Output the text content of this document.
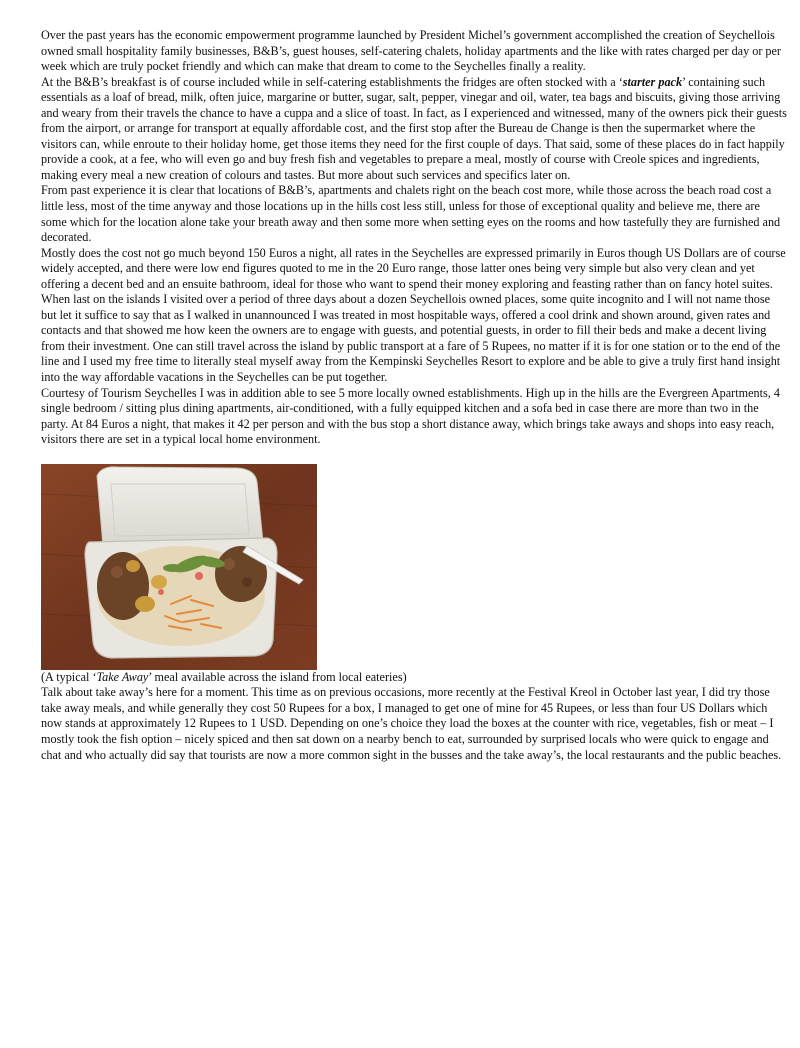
Over the past years has the economic empowerment programme launched by President Michel’s government accomplished the creation of Seychellois owned small hospitality family businesses, B&B’s, guest houses, self-catering chalets, holiday apartments and the like with rates charged per day or per week which are truly pocket friendly and which can make that dream to come to the Seychelles finally a reality.

At the B&B’s breakfast is of course included while in self-catering establishments the fridges are often stocked with a ‘starter pack’ containing such essentials as a loaf of bread, milk, often juice, margarine or butter, sugar, salt, pepper, vinegar and oil, water, tea bags and biscuits, giving those arriving and weary from their travels the chance to have a cuppa and a slice of toast. In fact, as I experienced and witnessed, many of the owners pick their guests from the airport, or arrange for transport at equally affordable cost, and the first stop after the Bureau de Change is then the supermarket where the visitors can, while enroute to their holiday home, get those items they need for the first couple of days. That said, some of these places do in fact happily provide a cook, at a fee, who will even go and buy fresh fish and vegetables to prepare a meal, mostly of course with Creole spices and ingredients, making every meal a new creation of colours and tastes. But more about such services and specifics later on.

From past experience it is clear that locations of B&B’s, apartments and chalets right on the beach cost more, while those across the beach road cost a little less, most of the time anyway and those locations up in the hills cost less still, unless for those of exceptional quality and believe me, there are some which for the location alone take your breath away and then some more when setting eyes on the rooms and how tastefully they are furnished and decorated.

Mostly does the cost not go much beyond 150 Euros a night, all rates in the Seychelles are expressed primarily in Euros though US Dollars are of course widely accepted, and there were low end figures quoted to me in the 20 Euro range, those latter ones being very simple but also very clean and yet offering a decent bed and an ensuite bathroom, ideal for those who want to spend their money exploring and feasting rather than on fancy hotel suites.

When last on the islands I visited over a period of three days about a dozen Seychellois owned places, some quite incognito and I will not name those but let it suffice to say that as I walked in unannounced I was treated in most hospitable ways, offered a cool drink and shown around, given rates and contacts and that showed me how keen the owners are to engage with guests, and potential guests, in order to fill their beds and make a decent living from their investment. One can still travel across the island by public transport at a fare of 5 Rupees, no matter if it is for one station or to the end of the line and I used my free time to literally steal myself away from the Kempinski Seychelles Resort to explore and be able to give a truly first hand insight into the way affordable vacations in the Seychelles can be put together.

Courtesy of Tourism Seychelles I was in addition able to see 5 more locally owned establishments. High up in the hills are the Evergreen Apartments, 4 single bedroom / sitting plus dining apartments, air-conditioned, with a fully equipped kitchen and a sofa bed in case there are more than two in the party. At 84 Euros a night, that makes it 42 per person and with the bus stop a short distance away, which brings take aways and shops into easy reach, visitors there are set in a typical local home environment.

(A typical ‘Take Away’ meal available across the island from local eateries)

Talk about take away’s here for a moment. This time as on previous occasions, more recently at the Festival Kreol in October last year, I did try those take away meals, and while generally they cost 50 Rupees for a box, I managed to get one of mine for 45 Rupees, or less than four US Dollars which now stands at approximately 12 Rupees to 1 USD. Depending on one’s choice they load the boxes at the counter with rice, vegetables, fish or meat – I mostly took the fish option – nicely spiced and then sat down on a nearby bench to eat, surrounded by surprised locals who were quick to engage and chat and who actually did say that tourists are now a more common sight in the busses and the take away’s, the local restaurants and the public beaches.
